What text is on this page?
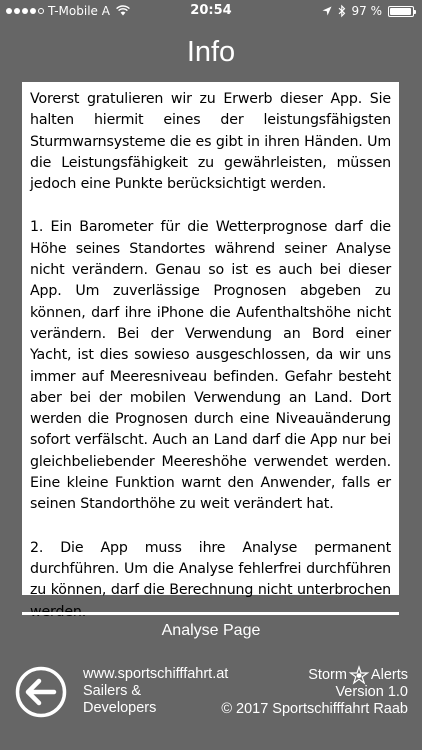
T-Mobile A	20:54	97 %
Info

Vorerst gratulieren wir zu Erwerb dieser App. Sie halten hiermit eines der leistungsfähigsten Sturmwarnsysteme die es gibt in ihren Händen. Um die Leistungsfähigkeit zu gewährleisten, müssen jedoch eine Punkte berücksichtigt werden.

1. Ein Barometer für die Wetterprognose darf die Höhe seines Standortes während seiner Analyse nicht verändern. Genau so ist es auch bei dieser App. Um zuverlässige Prognosen abgeben zu können, darf ihre iPhone die Aufenthaltshöhe nicht verändern. Bei der Verwendung an Bord einer Yacht, ist dies sowieso ausgeschlossen, da wir uns immer auf Meeresniveau befinden. Gefahr besteht aber bei der mobilen Verwendung an Land. Dort werden die Prognosen durch eine Niveauänderung sofort verfälscht. Auch an Land darf die App nur bei gleichbeliebender Meereshöhe verwendet werden. Eine kleine Funktion warnt den Anwender, falls er seinen Standorthöhe zu weit verändert hat.

2. Die App muss ihre Analyse permanent durchführen. Um die Analyse fehlerfrei durchführen zu können, darf die Berechnung nicht unterbrochen

Analyse Page
www.sportschifffahrt.at
Sailers &
Developers
Storm Alerts
Version 1.0
© 2017 Sportschifffahrt Raab
